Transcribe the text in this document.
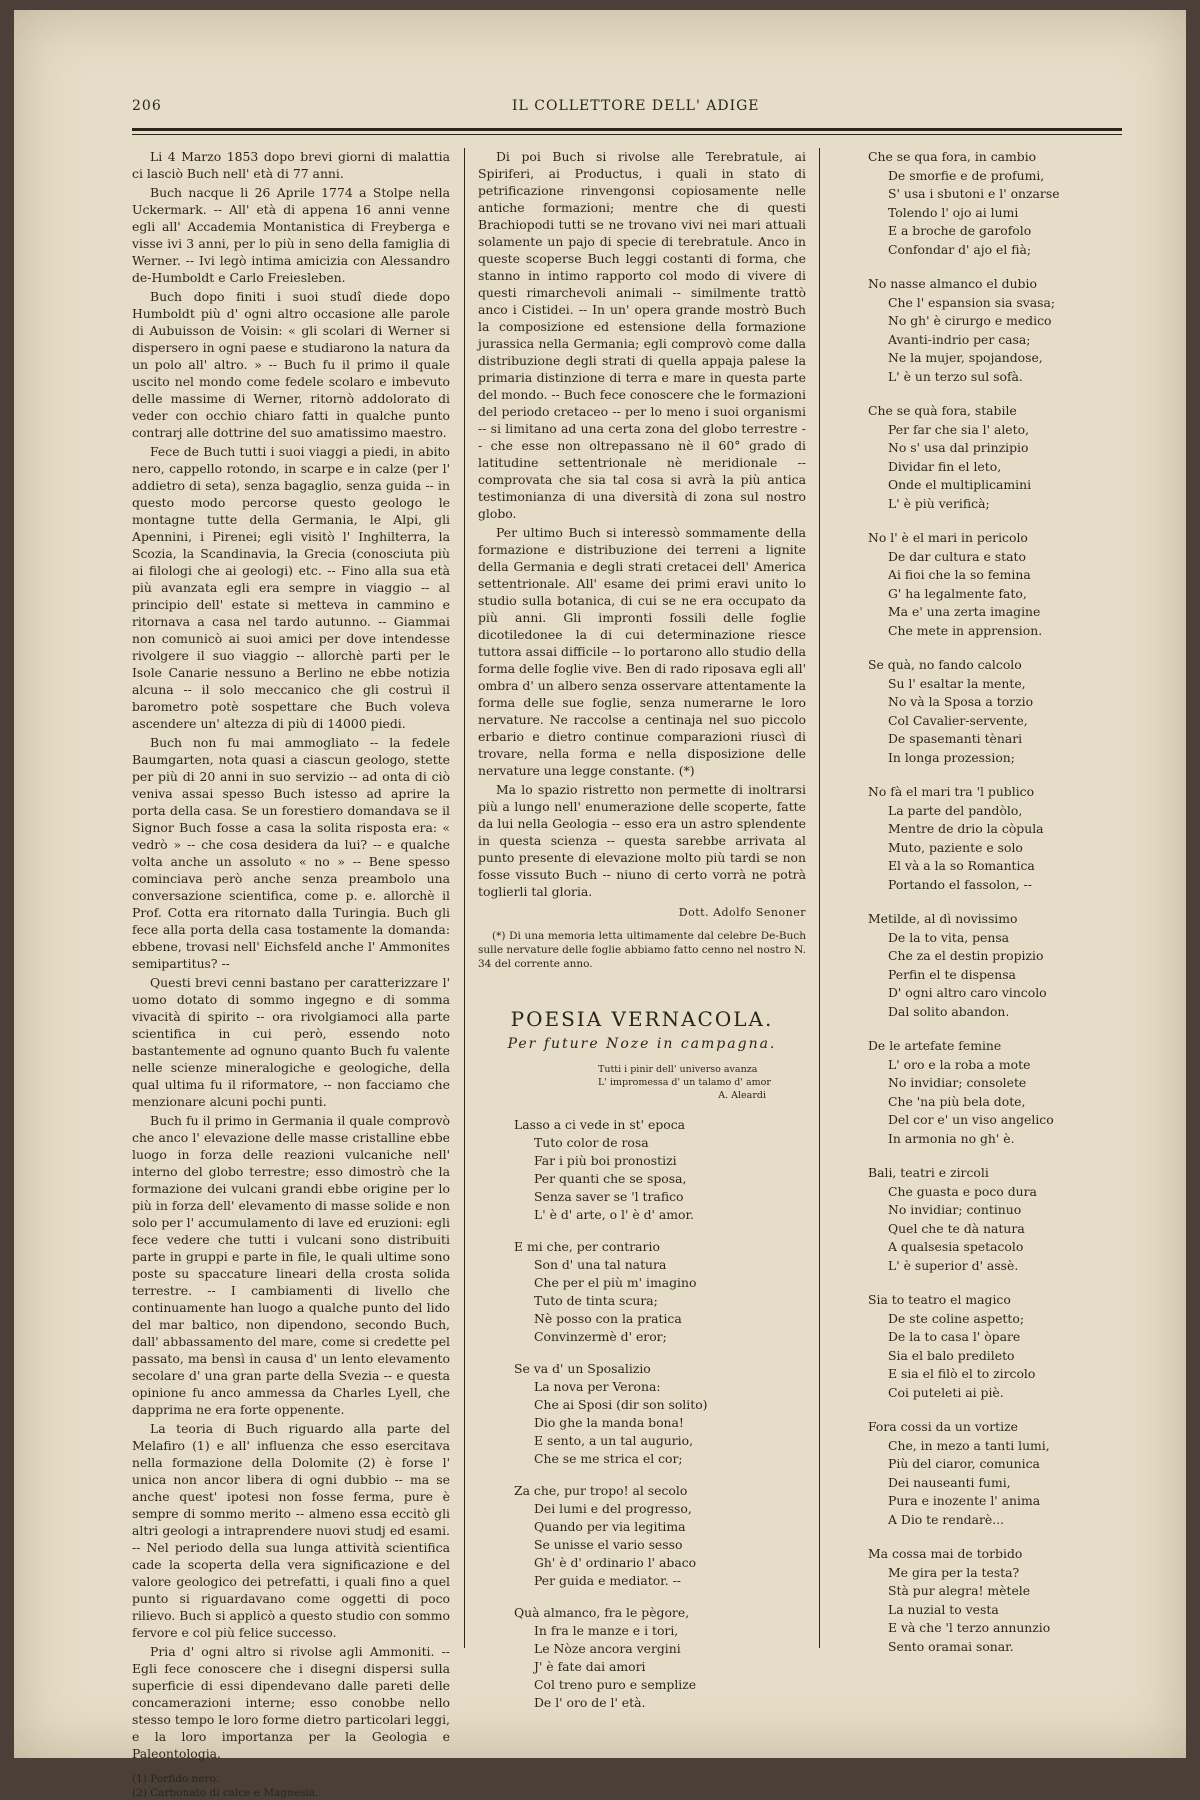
206	IL COLLETTORE DELL' ADIGE

Li 4 Marzo 1853 dopo brevi giorni di malattia ci lasciò Buch nell' età di 77 anni.

Buch nacque li 26 Aprile 1774 a Stolpe nella Uckermark. -- All' età di appena 16 anni venne egli all' Accademia Montanistica di Freyberga e visse ivi 3 anni, per lo più in seno della famiglia di Werner. -- Ivi legò intima amicizia con Alessandro de-Humboldt e Carlo Freiesleben.

Buch dopo finiti i suoi studî diede dopo Humboldt più d' ogni altro occasione alle parole di Aubuisson de Voisin: « gli scolari di Werner si dispersero in ogni paese e studiarono la natura da un polo all' altro. » -- Buch fu il primo il quale uscito nel mondo come fedele scolaro e imbevuto delle massime di Werner, ritornò addolorato di veder con occhio chiaro fatti in qualche punto contrarj alle dottrine del suo amatissimo maestro.

Fece de Buch tutti i suoi viaggi a piedi, in abito nero, cappello rotondo, in scarpe e in calze (per l' addietro di seta), senza bagaglio, senza guida -- in questo modo percorse questo geologo le montagne tutte della Germania, le Alpi, gli Apennini, i Pirenei; egli visitò l' Inghilterra, la Scozia, la Scandinavia, la Grecia (conosciuta più ai filologi che ai geologi) etc. -- Fino alla sua età più avanzata egli era sempre in viaggio -- al principio dell' estate si metteva in cammino e ritornava a casa nel tardo autunno. -- Giammai non comunicò ai suoi amici per dove intendesse rivolgere il suo viaggio -- allorchè parti per le Isole Canarie nessuno a Berlino ne ebbe notizia alcuna -- il solo meccanico che gli costruì il barometro potè sospettare che Buch voleva ascendere un' altezza di più di 14000 piedi.

Buch non fu mai ammogliato -- la fedele Baumgarten, nota quasi a ciascun geologo, stette per più di 20 anni in suo servizio -- ad onta di ciò veniva assai spesso Buch istesso ad aprire la porta della casa. Se un forestiero domandava se il Signor Buch fosse a casa la solita risposta era: « vedrò » -- che cosa desidera da lui? -- e qualche volta anche un assoluto « no » -- Bene spesso cominciava però anche senza preambolo una conversazione scientifica, come p. e. allorchè il Prof. Cotta era ritornato dalla Turingia. Buch gli fece alla porta della casa tostamente la domanda: ebbene, trovasi nell' Eichsfeld anche l' Ammonites semipartitus? --

Questi brevi cenni bastano per caratterizzare l' uomo dotato di sommo ingegno e di somma vivacità di spirito -- ora rivolgiamoci alla parte scientifica in cui però, essendo noto bastantemente ad ognuno quanto Buch fu valente nelle scienze mineralogiche e geologiche, della qual ultima fu il riformatore, -- non facciamo che menzionare alcuni pochi punti.

Buch fu il primo in Germania il quale comprovò che anco l' elevazione delle masse cristalline ebbe luogo in forza delle reazioni vulcaniche nell' interno del globo terrestre; esso dimostrò che la formazione dei vulcani grandi ebbe origine per lo più in forza dell' elevamento di masse solide e non solo per l' accumulamento di lave ed eruzioni: egli fece vedere che tutti i vulcani sono distribuiti parte in gruppi e parte in file, le quali ultime sono poste su spaccature lineari della crosta solida terrestre. -- I cambiamenti di livello che continuamente han luogo a qualche punto del lido del mar baltico, non dipendono, secondo Buch, dall' abbassamento del mare, come si credette pel passato, ma bensì in causa d' un lento elevamento secolare d' una gran parte della Svezia -- e questa opinione fu anco ammessa da Charles Lyell, che dapprima ne era forte oppenente.

La teoria di Buch riguardo alla parte del Melafiro (1) e all' influenza che esso esercitava nella formazione della Dolomite (2) è forse l' unica non ancor libera di ogni dubbio -- ma se anche quest' ipotesi non fosse ferma, pure è sempre di sommo merito -- almeno essa eccitò gli altri geologi a intraprendere nuovi studj ed esami. -- Nel periodo della sua lunga attività scientifica cade la scoperta della vera significazione e del valore geologico dei petrefatti, i quali fino a quel punto si riguardavano come oggetti di poco rilievo. Buch si applicò a questo studio con sommo fervore e col più felice successo.

Pria d' ogni altro si rivolse agli Ammoniti. -- Egli fece conoscere che i disegni dispersi sulla superficie di essi dipendevano dalle pareti delle concamerazioni interne; esso conobbe nello stesso tempo le loro forme dietro particolari leggi, e la loro importanza per la Geologia e Paleontologia.

(1) Porfido nero.
(2) Carbonato di calce e Magnesia.

Di poi Buch si rivolse alle Terebratule, ai Spiriferi, ai Productus, i quali in stato di petrificazione rinvengonsi copiosamente nelle antiche formazioni; mentre che di questi Brachiopodi tutti se ne trovano vivi nei mari attuali solamente un pajo di specie di terebratule. Anco in queste scoperse Buch leggi costanti di forma, che stanno in intimo rapporto col modo di vivere di questi rimarchevoli animali -- similmente trattò anco i Cistidei. -- In un' opera grande mostrò Buch la composizione ed estensione della formazione jurassica nella Germania; egli comprovò come dalla distribuzione degli strati di quella appaja palese la primaria distinzione di terra e mare in questa parte del mondo. -- Buch fece conoscere che le formazioni del periodo cretaceo -- per lo meno i suoi organismi -- si limitano ad una certa zona del globo terrestre -- che esse non oltrepassano nè il 60° grado di latitudine settentrionale nè meridionale -- comprovata che sia tal cosa si avrà la più antica testimonianza di una diversità di zona sul nostro globo.

Per ultimo Buch si interessò sommamente della formazione e distribuzione dei terreni a lignite della Germania e degli strati cretacei dell' America settentrionale. All' esame dei primi eravi unito lo studio sulla botanica, di cui se ne era occupato da più anni. Gli impronti fossili delle foglie dicotiledonee la di cui determinazione riesce tuttora assai difficile -- lo portarono allo studio della forma delle foglie vive. Ben di rado riposava egli all' ombra d' un albero senza osservare attentamente la forma delle sue foglie, senza numerarne le loro nervature. Ne raccolse a centinaja nel suo piccolo erbario e dietro continue comparazioni riuscì di trovare, nella forma e nella disposizione delle nervature una legge constante. (*)

Ma lo spazio ristretto non permette di inoltrarsi più a lungo nell' enumerazione delle scoperte, fatte da lui nella Geologia -- esso era un astro splendente in questa scienza -- questa sarebbe arrivata al punto presente di elevazione molto più tardi se non fosse vissuto Buch -- niuno di certo vorrà ne potrà toglierli tal gloria.

Dott. Adolfo Senoner
(*) Di una memoria letta ultimamente dal celebre De-Buch sulle nervature delle foglie abbiamo fatto cenno nel nostro N. 34 del corrente anno.
POESIA VERNACOLA.
Per future Noze in campagna.
Tutti i pinir dell' universo avanza
L' impromessa d' un talamo d' amor
A. Aleardi
Lasso a ci vede in st' epoca
Tuto color de rosa
Far i più boi pronostizi
Per quanti che se sposa,
Senza saver se 'l trafico
L' è d' arte, o l' è d' amor.
E mi che, per contrario
Son d' una tal natura
Che per el più m' imagino
Tuto de tinta scura;
Nè posso con la pratica
Convinzermè d' eror;
Se va d' un Sposalizio
La nova per Verona:
Che ai Sposi (dir son solito)
Dio ghe la manda bona!
E sento, a un tal augurio,
Che se me strica el cor;
Za che, pur tropo! al secolo
Dei lumi e del progresso,
Quando per via legitima
Se unisse el vario sesso
Gh' è d' ordinario l' abaco
Per guida e mediator. --
Quà almanco, fra le pègore,
In fra le manze e i tori,
Le Nòze ancora vergini
J' è fate dai amori
Col treno puro e semplize
De l' oro de l' età.
Che se qua fora, in cambio
De smorfie e de profumi,
S' usa i sbutoni e l' onzarse
Tolendo l' ojo ai lumi
E a broche de garofolo
Confondar d' ajo el fià;
No nasse almanco el dubio
Che l' espansion sia svasa;
No gh' è cirurgo e medico
Avanti-indrio per casa;
Ne la mujer, spojandose,
L' è un terzo sul sofà.
Che se quà fora, stabile
Per far che sia l' aleto,
No s' usa dal prinzipio
Dividar fin el leto,
Onde el multiplicamini
L' è più verificà;
No l' è el mari in pericolo
De dar cultura e stato
Ai fioi che la so femina
G' ha legalmente fato,
Ma e' una zerta imagine
Che mete in apprension.
Se quà, no fando calcolo
Su l' esaltar la mente,
No và la Sposa a torzio
Col Cavalier-servente,
De spasemanti tènari
In longa prozession;
No fà el mari tra 'l publico
La parte del pandòlo,
Mentre de drio la còpula
Muto, paziente e solo
El và a la so Romantica
Portando el fassolon, --
Metilde, al dì novissimo
De la to vita, pensa
Che za el destin propizio
Perfin el te dispensa
D' ogni altro caro vincolo
Dal solito abandon.
De le artefate femine
L' oro e la roba a mote
No invidiar; consolete
Che 'na più bela dote,
Del cor e' un viso angelico
In armonia no gh' è.
Bali, teatri e zircoli
Che guasta e poco dura
No invidiar; continuo
Quel che te dà natura
A qualsesia spetacolo
L' è superior d' assè.
Sia to teatro el magico
De ste coline aspetto;
De la to casa l' òpare
Sia el balo predileto
E sia el filò el to zircolo
Coi puteleti ai piè.
Fora cossi da un vortize
Che, in mezo a tanti lumi,
Più del ciaror, comunica
Dei nauseanti fumi,
Pura e inozente l' anima
A Dio te rendarè...
Ma cossa mai de torbido
Me gira per la testa?
Stà pur alegra! mètele
La nuzial to vesta
E và che 'l terzo annunzio
Sento oramai sonar.
